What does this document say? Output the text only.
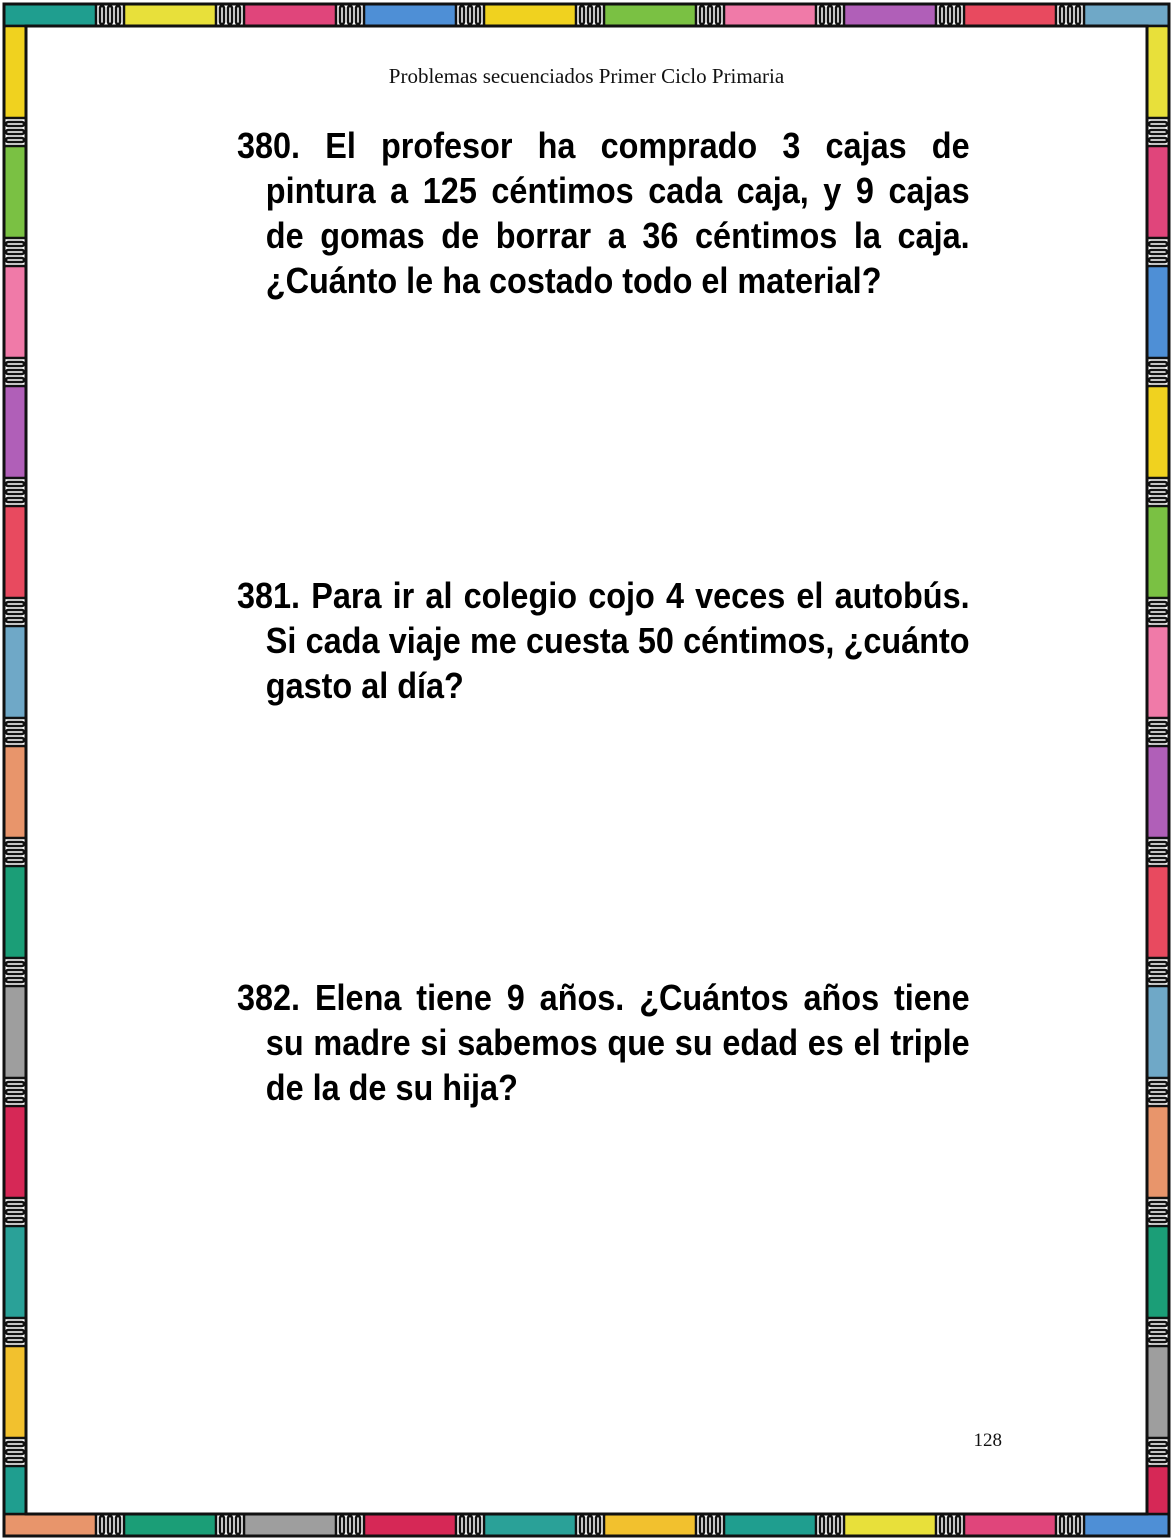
Problemas secuenciados Primer Ciclo Primaria

380. El profesor ha comprado 3 cajas de pintura a 125 céntimos cada caja, y 9 cajas de gomas de borrar a 36 céntimos la caja. ¿Cuánto le ha costado todo el material?

381. Para ir al colegio cojo 4 veces el autobús. Si cada viaje me cuesta 50 céntimos, ¿cuánto gasto al día?

382. Elena tiene 9 años. ¿Cuántos años tiene su madre si sabemos que su edad es el triple de la de su hija?

128
